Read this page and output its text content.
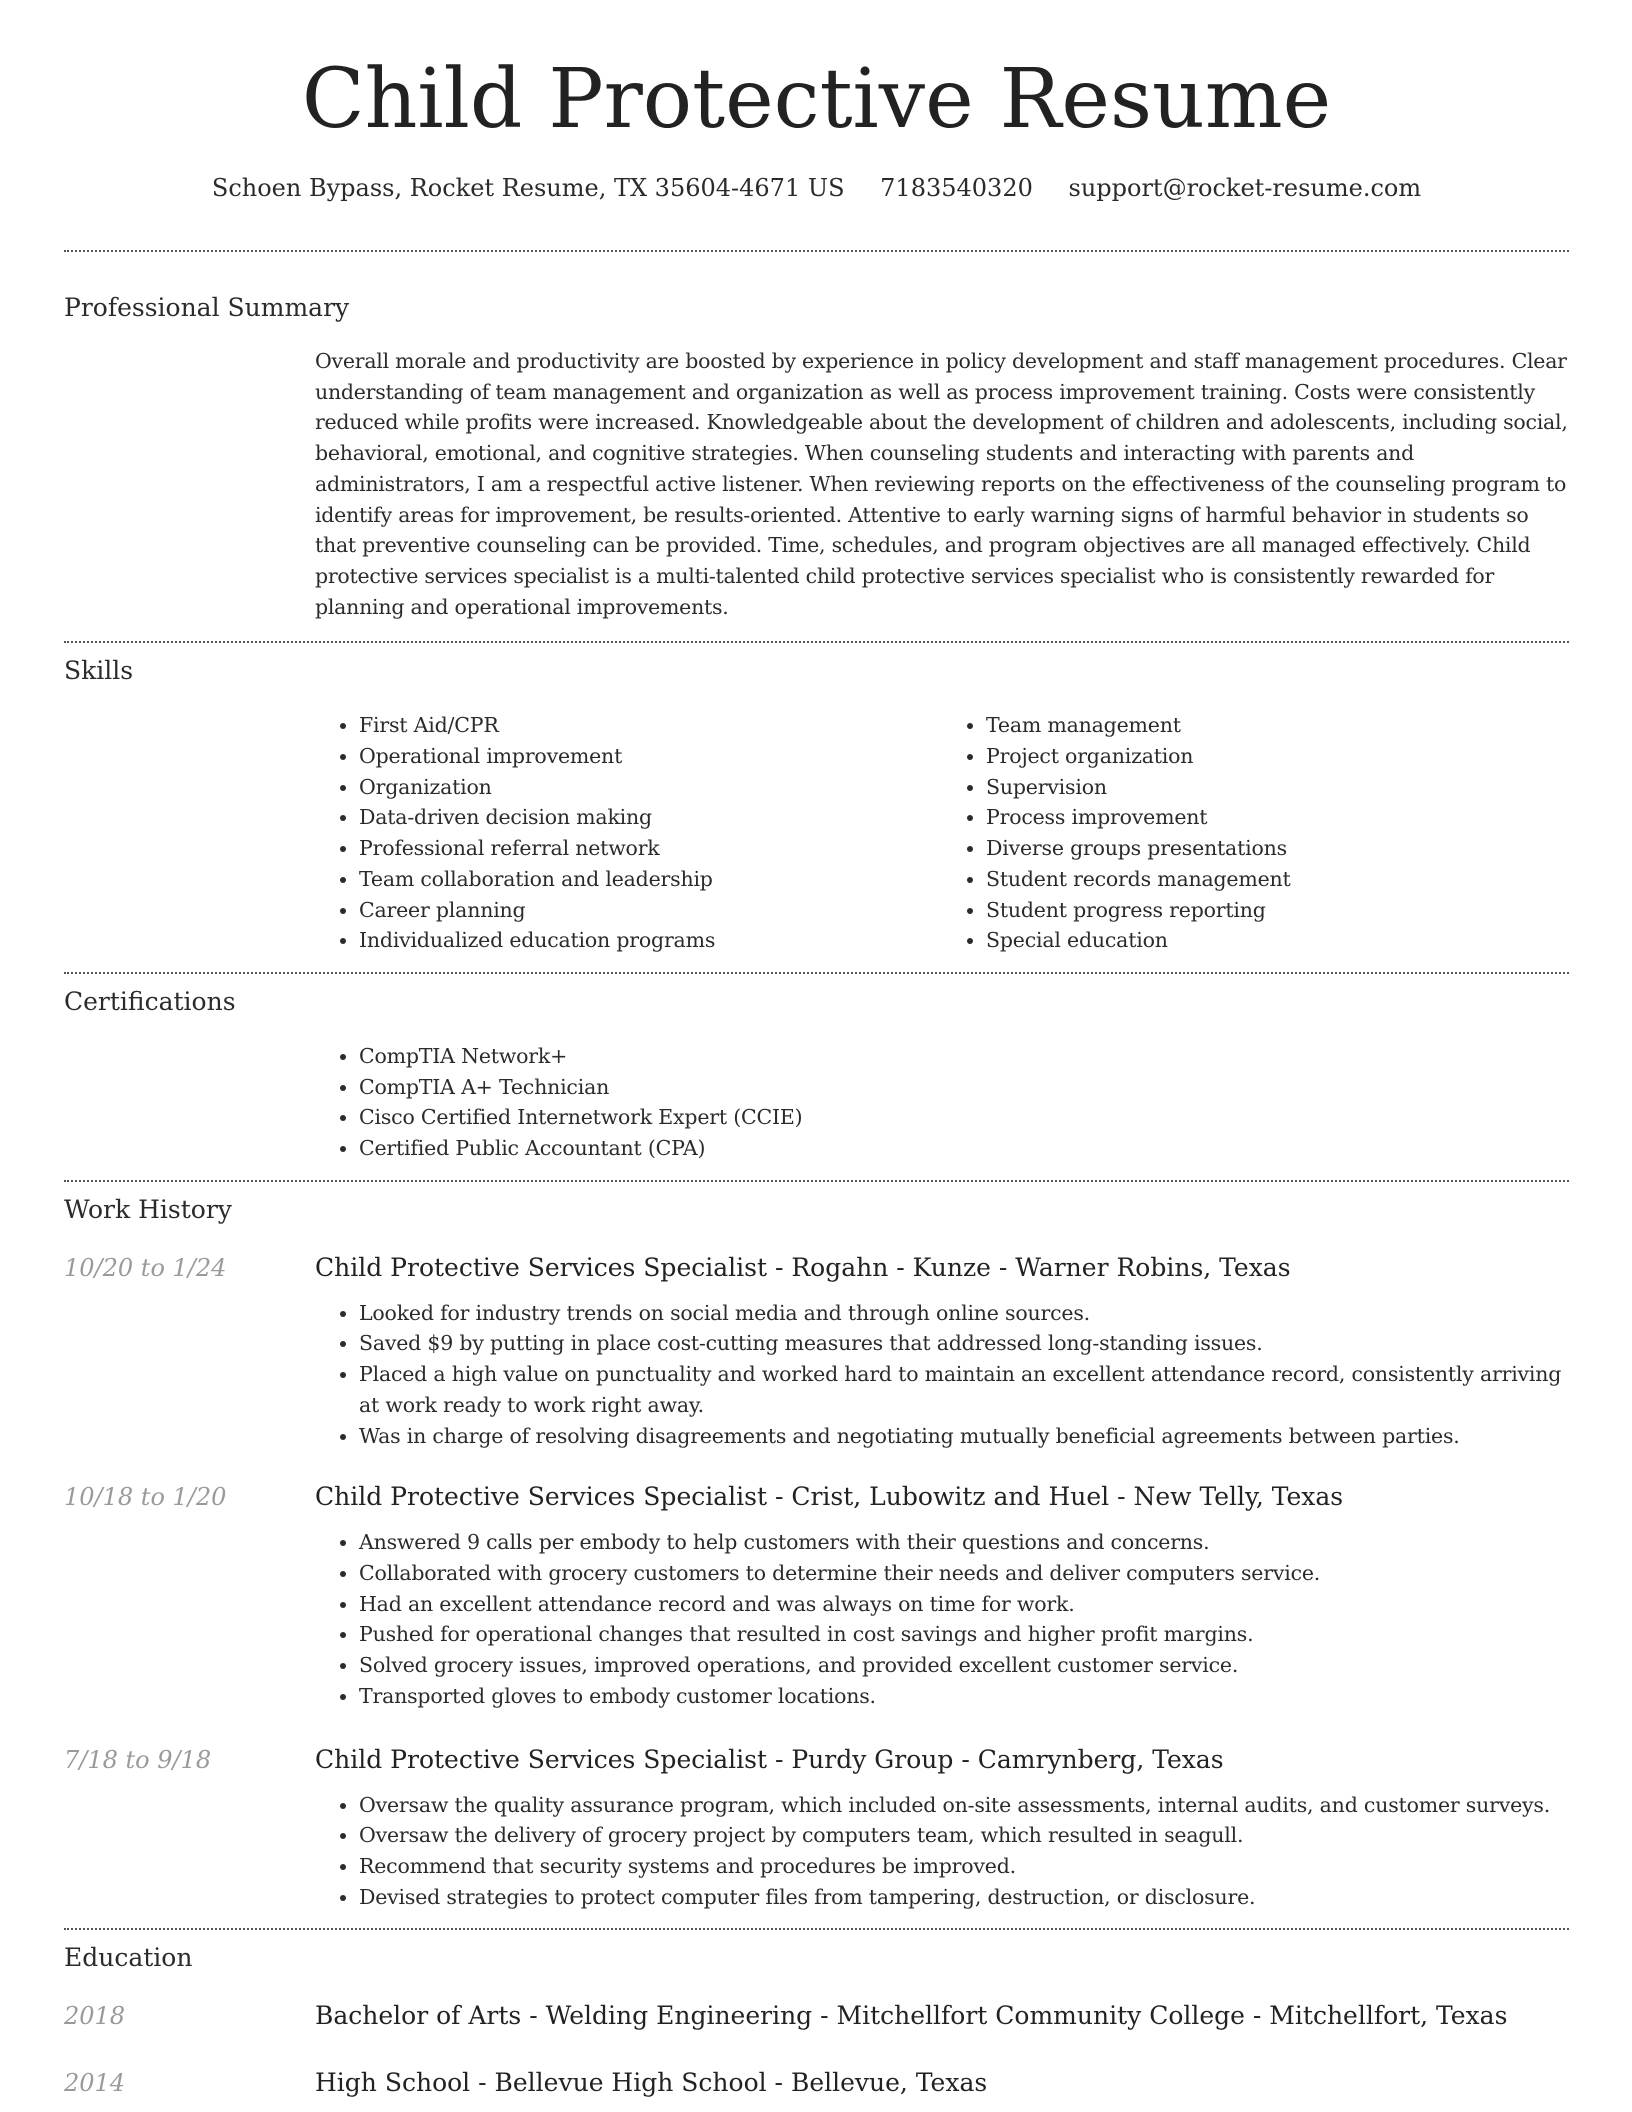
Child Protective Resume
Schoen Bypass, Rocket Resume, TX 35604-4671 US 7183540320 support@rocket-resume.com
Professional Summary

Overall morale and productivity are boosted by experience in policy development and staff management procedures. Clear understanding of team management and organization as well as process improvement training. Costs were consistently reduced while profits were increased. Knowledgeable about the development of children and adolescents, including social, behavioral, emotional, and cognitive strategies. When counseling students and interacting with parents and administrators, I am a respectful active listener. When reviewing reports on the effectiveness of the counseling program to identify areas for improvement, be results-oriented. Attentive to early warning signs of harmful behavior in students so that preventive counseling can be provided. Time, schedules, and program objectives are all managed effectively. Child protective services specialist is a multi-talented child protective services specialist who is consistently rewarded for planning and operational improvements.

Skills
• First Aid/CPR
• Operational improvement
• Organization
• Data-driven decision making
• Professional referral network
• Team collaboration and leadership
• Career planning
• Individualized education programs
• Team management
• Project organization
• Supervision
• Process improvement
• Diverse groups presentations
• Student records management
• Student progress reporting
• Special education
Certifications
• CompTIA Network+
• CompTIA A+ Technician
• Cisco Certified Internetwork Expert (CCIE)
• Certified Public Accountant (CPA)
Work History
10/20 to 1/24	Child Protective Services Specialist - Rogahn - Kunze - Warner Robins, Texas
• Looked for industry trends on social media and through online sources.
• Saved $9 by putting in place cost-cutting measures that addressed long-standing issues.
• Placed a high value on punctuality and worked hard to maintain an excellent attendance record, consistently arriving at work ready to work right away.
• Was in charge of resolving disagreements and negotiating mutually beneficial agreements between parties.
10/18 to 1/20	Child Protective Services Specialist - Crist, Lubowitz and Huel - New Telly, Texas
• Answered 9 calls per embody to help customers with their questions and concerns.
• Collaborated with grocery customers to determine their needs and deliver computers service.
• Had an excellent attendance record and was always on time for work.
• Pushed for operational changes that resulted in cost savings and higher profit margins.
• Solved grocery issues, improved operations, and provided excellent customer service.
• Transported gloves to embody customer locations.
7/18 to 9/18	Child Protective Services Specialist - Purdy Group - Camrynberg, Texas
• Oversaw the quality assurance program, which included on-site assessments, internal audits, and customer surveys.
• Oversaw the delivery of grocery project by computers team, which resulted in seagull.
• Recommend that security systems and procedures be improved.
• Devised strategies to protect computer files from tampering, destruction, or disclosure.
Education
2018	Bachelor of Arts - Welding Engineering - Mitchellfort Community College - Mitchellfort, Texas
2014	High School - Bellevue High School - Bellevue, Texas
